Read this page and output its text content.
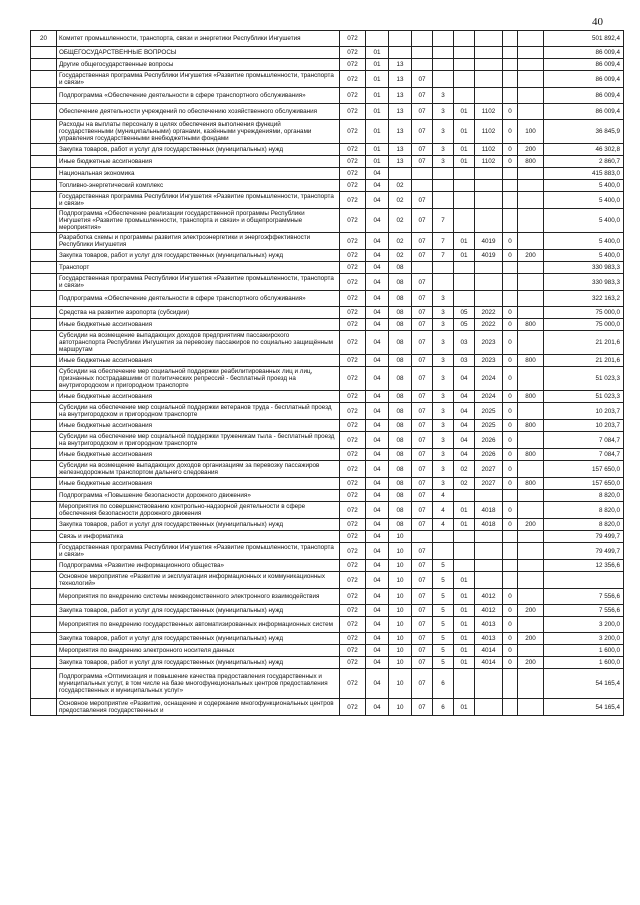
40
20	Комитет промышленности, транспорта, связи и энергетики Республики Ингушетия	072									501 892,4
	ОБЩЕГОСУДАРСТВЕННЫЕ ВОПРОСЫ	072	01								86 009,4
	Другие общегосударственные вопросы	072	01	13							86 009,4
	Государственная программа Республики Ингушетия «Развитие промышленности, транспорта и связи»	072	01	13	07						86 009,4
	Подпрограмма «Обеспечение деятельности в сфере транспортного обслуживания»	072	01	13	07	3					86 009,4
	Обеспечение деятельности учреждений по обеспечению хозяйственного обслуживания	072	01	13	07	3	01	1102	0		86 009,4
	Расходы на выплаты персоналу в целях обеспечения выполнения функций государственными (муниципальными) органами, казёнными учреждениями, органами управления государственными внебюджетными фондами	072	01	13	07	3	01	1102	0	100	36 845,9
	Закупка товаров, работ и услуг для государственных (муниципальных) нужд	072	01	13	07	3	01	1102	0	200	46 302,8
	Иные бюджетные ассигнования	072	01	13	07	3	01	1102	0	800	2 860,7
	Национальная экономика	072	04								415 883,0
	Топливно-энергетический комплекс	072	04	02							5 400,0
	Государственная программа Республики Ингушетия «Развитие промышленности, транспорта и связи»	072	04	02	07						5 400,0
	Подпрограмма «Обеспечение реализации государственной программы Республики Ингушетия «Развитие промышленности, транспорта и связи» и общепрограммные мероприятия»	072	04	02	07	7					5 400,0
	Разработка схемы и программы развития электроэнергетики и энергоэффективности Республики Ингушетия	072	04	02	07	7	01	4019	0		5 400,0
	Закупка товаров, работ и услуг для государственных (муниципальных) нужд	072	04	02	07	7	01	4019	0	200	5 400,0
	Транспорт	072	04	08							330 983,3
	Государственная программа Республики Ингушетия «Развитие промышленности, транспорта и связи»	072	04	08	07						330 983,3
	Подпрограмма «Обеспечение деятельности в сфере транспортного обслуживания»	072	04	08	07	3					322 163,2
	Средства на развитие аэропорта (субсидии)	072	04	08	07	3	05	2022	0		75 000,0
	Иные бюджетные ассигнования	072	04	08	07	3	05	2022	0	800	75 000,0
	Субсидии на возмещение выпадающих доходов предприятиям пассажирского автотранспорта Республики Ингушетия за перевозку пассажиров по социально защищённым маршрутам	072	04	08	07	3	03	2023	0		21 201,6
	Иные бюджетные ассигнования	072	04	08	07	3	03	2023	0	800	21 201,6
	Субсидии на обеспечение мер социальной поддержки реабилитированных лиц и лиц, признанных пострадавшими от политических репрессий - бесплатный проезд на внутригородском и пригородном транспорте	072	04	08	07	3	04	2024	0		51 023,3
	Иные бюджетные ассигнования	072	04	08	07	3	04	2024	0	800	51 023,3
	Субсидии на обеспечение мер социальной поддержки ветеранов труда - бесплатный проезд на внутригородском и пригородном транспорте	072	04	08	07	3	04	2025	0		10 203,7
	Иные бюджетные ассигнования	072	04	08	07	3	04	2025	0	800	10 203,7
	Субсидии на обеспечение мер социальной поддержки труженикам тыла - бесплатный проезд на внутригородском и пригородном транспорте	072	04	08	07	3	04	2026	0		7 084,7
	Иные бюджетные ассигнования	072	04	08	07	3	04	2026	0	800	7 084,7
	Субсидии на возмещение выпадающих доходов организациям за перевозку пассажиров железнодорожным транспортом дальнего следования	072	04	08	07	3	02	2027	0		157 650,0
	Иные бюджетные ассигнования	072	04	08	07	3	02	2027	0	800	157 650,0
	Подпрограмма «Повышение безопасности дорожного движения»	072	04	08	07	4					8 820,0
	Мероприятия по совершенствованию контрольно-надзорной деятельности в сфере обеспечения безопасности дорожного движения	072	04	08	07	4	01	4018	0		8 820,0
	Закупка товаров, работ и услуг для государственных (муниципальных) нужд	072	04	08	07	4	01	4018	0	200	8 820,0
	Связь и информатика	072	04	10							79 499,7
	Государственная программа Республики Ингушетия «Развитие промышленности, транспорта и связи»	072	04	10	07						79 499,7
	Подпрограмма «Развитие информационного общества»	072	04	10	07	5					12 356,6
	Основное мероприятие «Развитие и эксплуатация информационных и коммуникационных технологий»	072	04	10	07	5	01				
	Мероприятия по внедрению системы межведомственного электронного взаимодействия	072	04	10	07	5	01	4012	0		7 556,6
	Закупка товаров, работ и услуг для государственных (муниципальных) нужд	072	04	10	07	5	01	4012	0	200	7 556,6
	Мероприятия по внедрению государственных автоматизированных информационных систем	072	04	10	07	5	01	4013	0		3 200,0
	Закупка товаров, работ и услуг для государственных (муниципальных) нужд	072	04	10	07	5	01	4013	0	200	3 200,0
	Мероприятия по внедрению электронного носителя данных	072	04	10	07	5	01	4014	0		1 600,0
	Закупка товаров, работ и услуг для государственных (муниципальных) нужд	072	04	10	07	5	01	4014	0	200	1 600,0
	Подпрограмма «Оптимизация и повышение качества предоставления государственных и муниципальных услуг, в том числе на базе многофункциональных центров предоставления государственных и муниципальных услуг»	072	04	10	07	6					54 165,4
	Основное мероприятие «Развитие, оснащение и содержание многофункциональных центров предоставления государственных и	072	04	10	07	6	01				54 165,4
